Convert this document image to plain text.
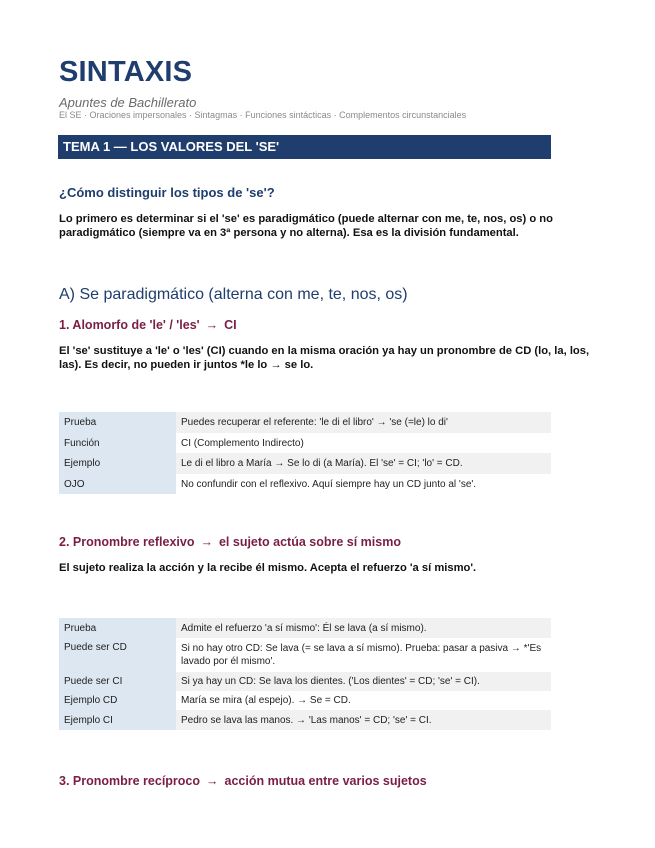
SINTAXIS
Apuntes de Bachillerato
El SE · Oraciones impersonales · Sintagmas · Funciones sintácticas · Complementos circunstanciales
TEMA 1 — LOS VALORES DEL 'SE'
¿Cómo distinguir los tipos de 'se'?
Lo primero es determinar si el 'se' es paradigmático (puede alternar con me, te, nos, os) o no paradigmático (siempre va en 3ª persona y no alterna). Esa es la división fundamental.
A) Se paradigmático (alterna con me, te, nos, os)
1. Alomorfo de 'le' / 'les' → CI
El 'se' sustituye a 'le' o 'les' (CI) cuando en la misma oración ya hay un pronombre de CD (lo, la, los, las). Es decir, no pueden ir juntos *le lo → se lo.
Prueba	Puedes recuperar el referente: 'le di el libro' → 'se (=le) lo di'
Función	CI (Complemento Indirecto)
Ejemplo	Le di el libro a María → Se lo di (a María). El 'se' = CI; 'lo' = CD.
OJO	No confundir con el reflexivo. Aquí siempre hay un CD junto al 'se'.
2. Pronombre reflexivo → el sujeto actúa sobre sí mismo
El sujeto realiza la acción y la recibe él mismo. Acepta el refuerzo 'a sí mismo'.
Prueba	Admite el refuerzo 'a sí mismo': Él se lava (a sí mismo).
Puede ser CD	Si no hay otro CD: Se lava (= se lava a sí mismo). Prueba: pasar a pasiva → *'Es lavado por él mismo'.
Puede ser CI	Si ya hay un CD: Se lava los dientes. ('Los dientes' = CD; 'se' = CI).
Ejemplo CD	María se mira (al espejo). → Se = CD.
Ejemplo CI	Pedro se lava las manos. → 'Las manos' = CD; 'se' = CI.
3. Pronombre recíproco → acción mutua entre varios sujetos
